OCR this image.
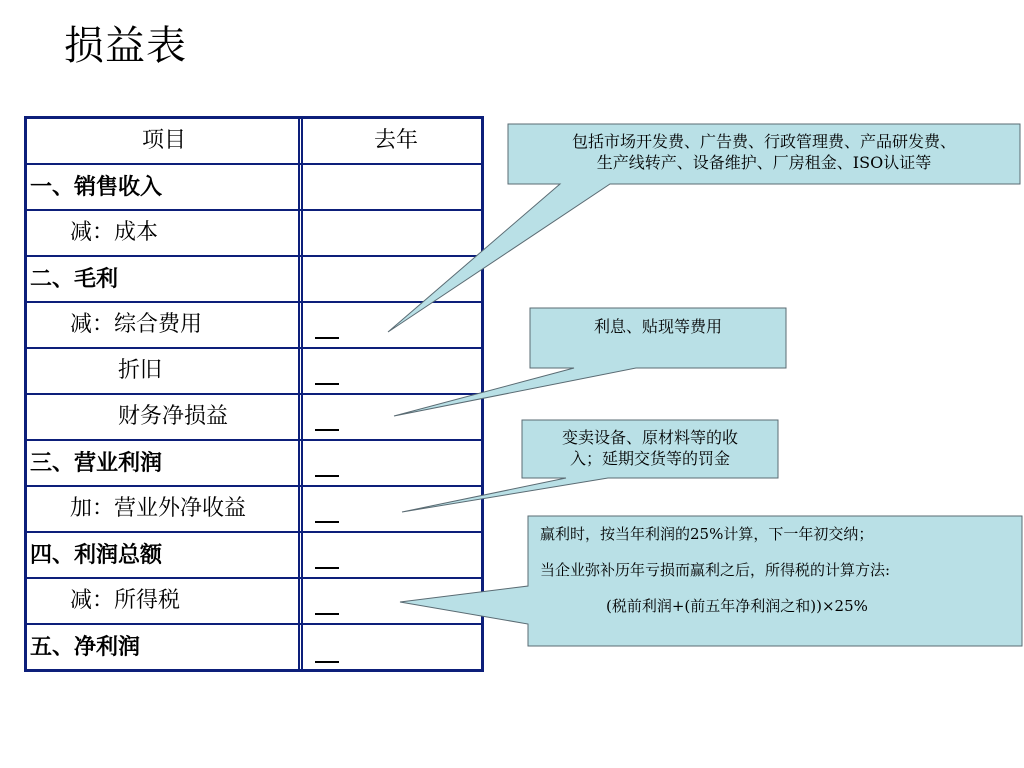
损益表
项目	去年
一、销售收入
减：成本
二、毛利
减：综合费用
折旧
财务净损益
三、营业利润
加：营业外净收益
四、利润总额
减：所得税
五、净利润
包括市场开发费、广告费、行政管理费、产品研发费、
生产线转产、设备维护、厂房租金、ISO认证等
利息、贴现等费用
变卖设备、原材料等的收
入；延期交货等的罚金
赢利时，按当年利润的25%计算，下一年初交纳；
当企业弥补历年亏损而赢利之后，所得税的计算方法:
(税前利润+(前五年净利润之和))×25%
